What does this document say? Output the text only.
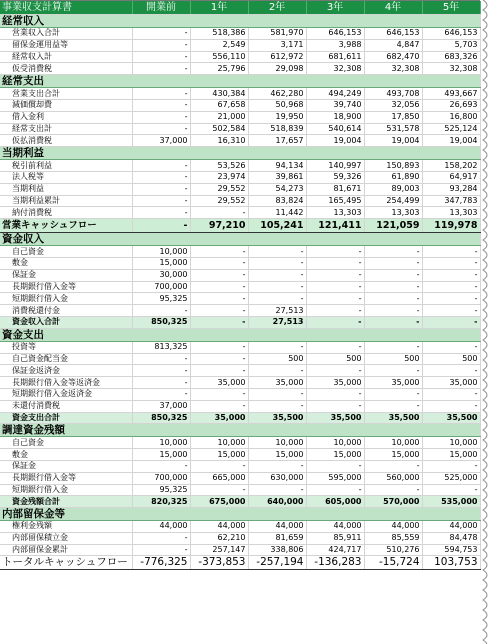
事業収支計算書	開業前	1年	2年	3年	4年	5年
経常収入						
営業収入合計	-	518,386	581,970	646,153	646,153	646,153
留保金運用益等	-	2,549	3,171	3,988	4,847	5,703
経常収入計	-	556,110	612,972	681,611	682,470	683,326
仮受消費税	-	25,796	29,098	32,308	32,308	32,308
経常支出						
営業支出合計	-	430,384	462,280	494,249	493,708	493,667
減価償却費	-	67,658	50,968	39,740	32,056	26,693
借入金利	-	21,000	19,950	18,900	17,850	16,800
経常支出計	-	502,584	518,839	540,614	531,578	525,124
仮払消費税	37,000	16,310	17,657	19,004	19,004	19,004
当期利益						
税引前利益	-	53,526	94,134	140,997	150,893	158,202
法人税等	-	23,974	39,861	59,326	61,890	64,917
当期利益	-	29,552	54,273	81,671	89,003	93,284
当期利益累計	-	29,552	83,824	165,495	254,499	347,783
納付消費税	-	-	11,442	13,303	13,303	13,303
営業キャッシュフロー	-	97,210	105,241	121,411	121,059	119,978
資金収入						
自己資金	10,000	-	-	-	-	-
敷金	15,000	-	-	-	-	-
保証金	30,000	-	-	-	-	-
長期銀行借入金等	700,000	-	-	-	-	-
短期銀行借入金	95,325	-	-	-	-	-
消費税還付金	-	-	27,513	-	-	-
資金収入合計	850,325	-	27,513	-	-	-
資金支出						
投資等	813,325	-	-	-	-	-
自己資金配当金	-	-	500	500	500	500
保証金返済金	-	-	-	-	-	-
長期銀行借入金等返済金	-	35,000	35,000	35,000	35,000	35,000
短期銀行借入金返済金	-	-	-	-	-	-
未還付消費税	37,000	-	-	-	-	-
資金支出合計	850,325	35,000	35,500	35,500	35,500	35,500
調達資金残額						
自己資金	10,000	10,000	10,000	10,000	10,000	10,000
敷金	15,000	15,000	15,000	15,000	15,000	15,000
保証金	-	-	-	-	-	-
長期銀行借入金等	700,000	665,000	630,000	595,000	560,000	525,000
短期銀行借入金	95,325	-	-	-	-	-
資金残額合計	820,325	675,000	640,000	605,000	570,000	535,000
内部留保金等						
権利金残額	44,000	44,000	44,000	44,000	44,000	44,000
内部留保積立金	-	62,210	81,659	85,911	85,559	84,478
内部留保金累計	-	257,147	338,806	424,717	510,276	594,753
トータルキャッシュフロー	-776,325	-373,853	-257,194	-136,283	-15,724	103,753
